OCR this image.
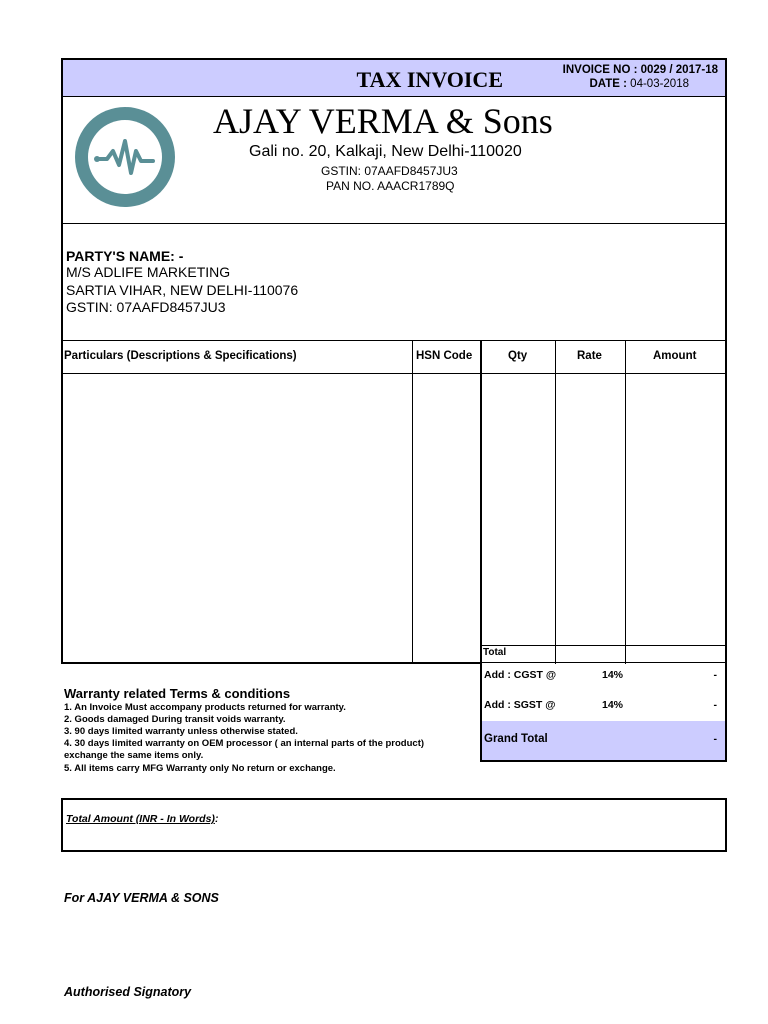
TAX INVOICE	INVOICE NO : 0029 / 2017-18
DATE : 04-03-2018
AJAY VERMA & Sons
Gali no. 20, Kalkaji, New Delhi-110020
GSTIN: 07AAFD8457JU3
PAN NO. AAACR1789Q
PARTY'S NAME: -
M/S ADLIFE MARKETING
SARTIA VIHAR, NEW DELHI-110076
GSTIN: 07AAFD8457JU3
Particulars (Descriptions & Specifications)	HSN Code	Qty	Rate	Amount
Total
Add : CGST @	14%	-
Add : SGST @	14%	-
Grand Total	-
Warranty related Terms & conditions
1. An Invoice Must accompany products returned for warranty.
2. Goods damaged During transit voids warranty.
3. 90 days limited warranty unless otherwise stated.
4. 30 days limited warranty on OEM processor ( an internal parts of the product)
exchange the same items only.
5. All items carry MFG Warranty only No return or exchange.
Total Amount (INR - In Words):
For AJAY VERMA & SONS
Authorised Signatory
